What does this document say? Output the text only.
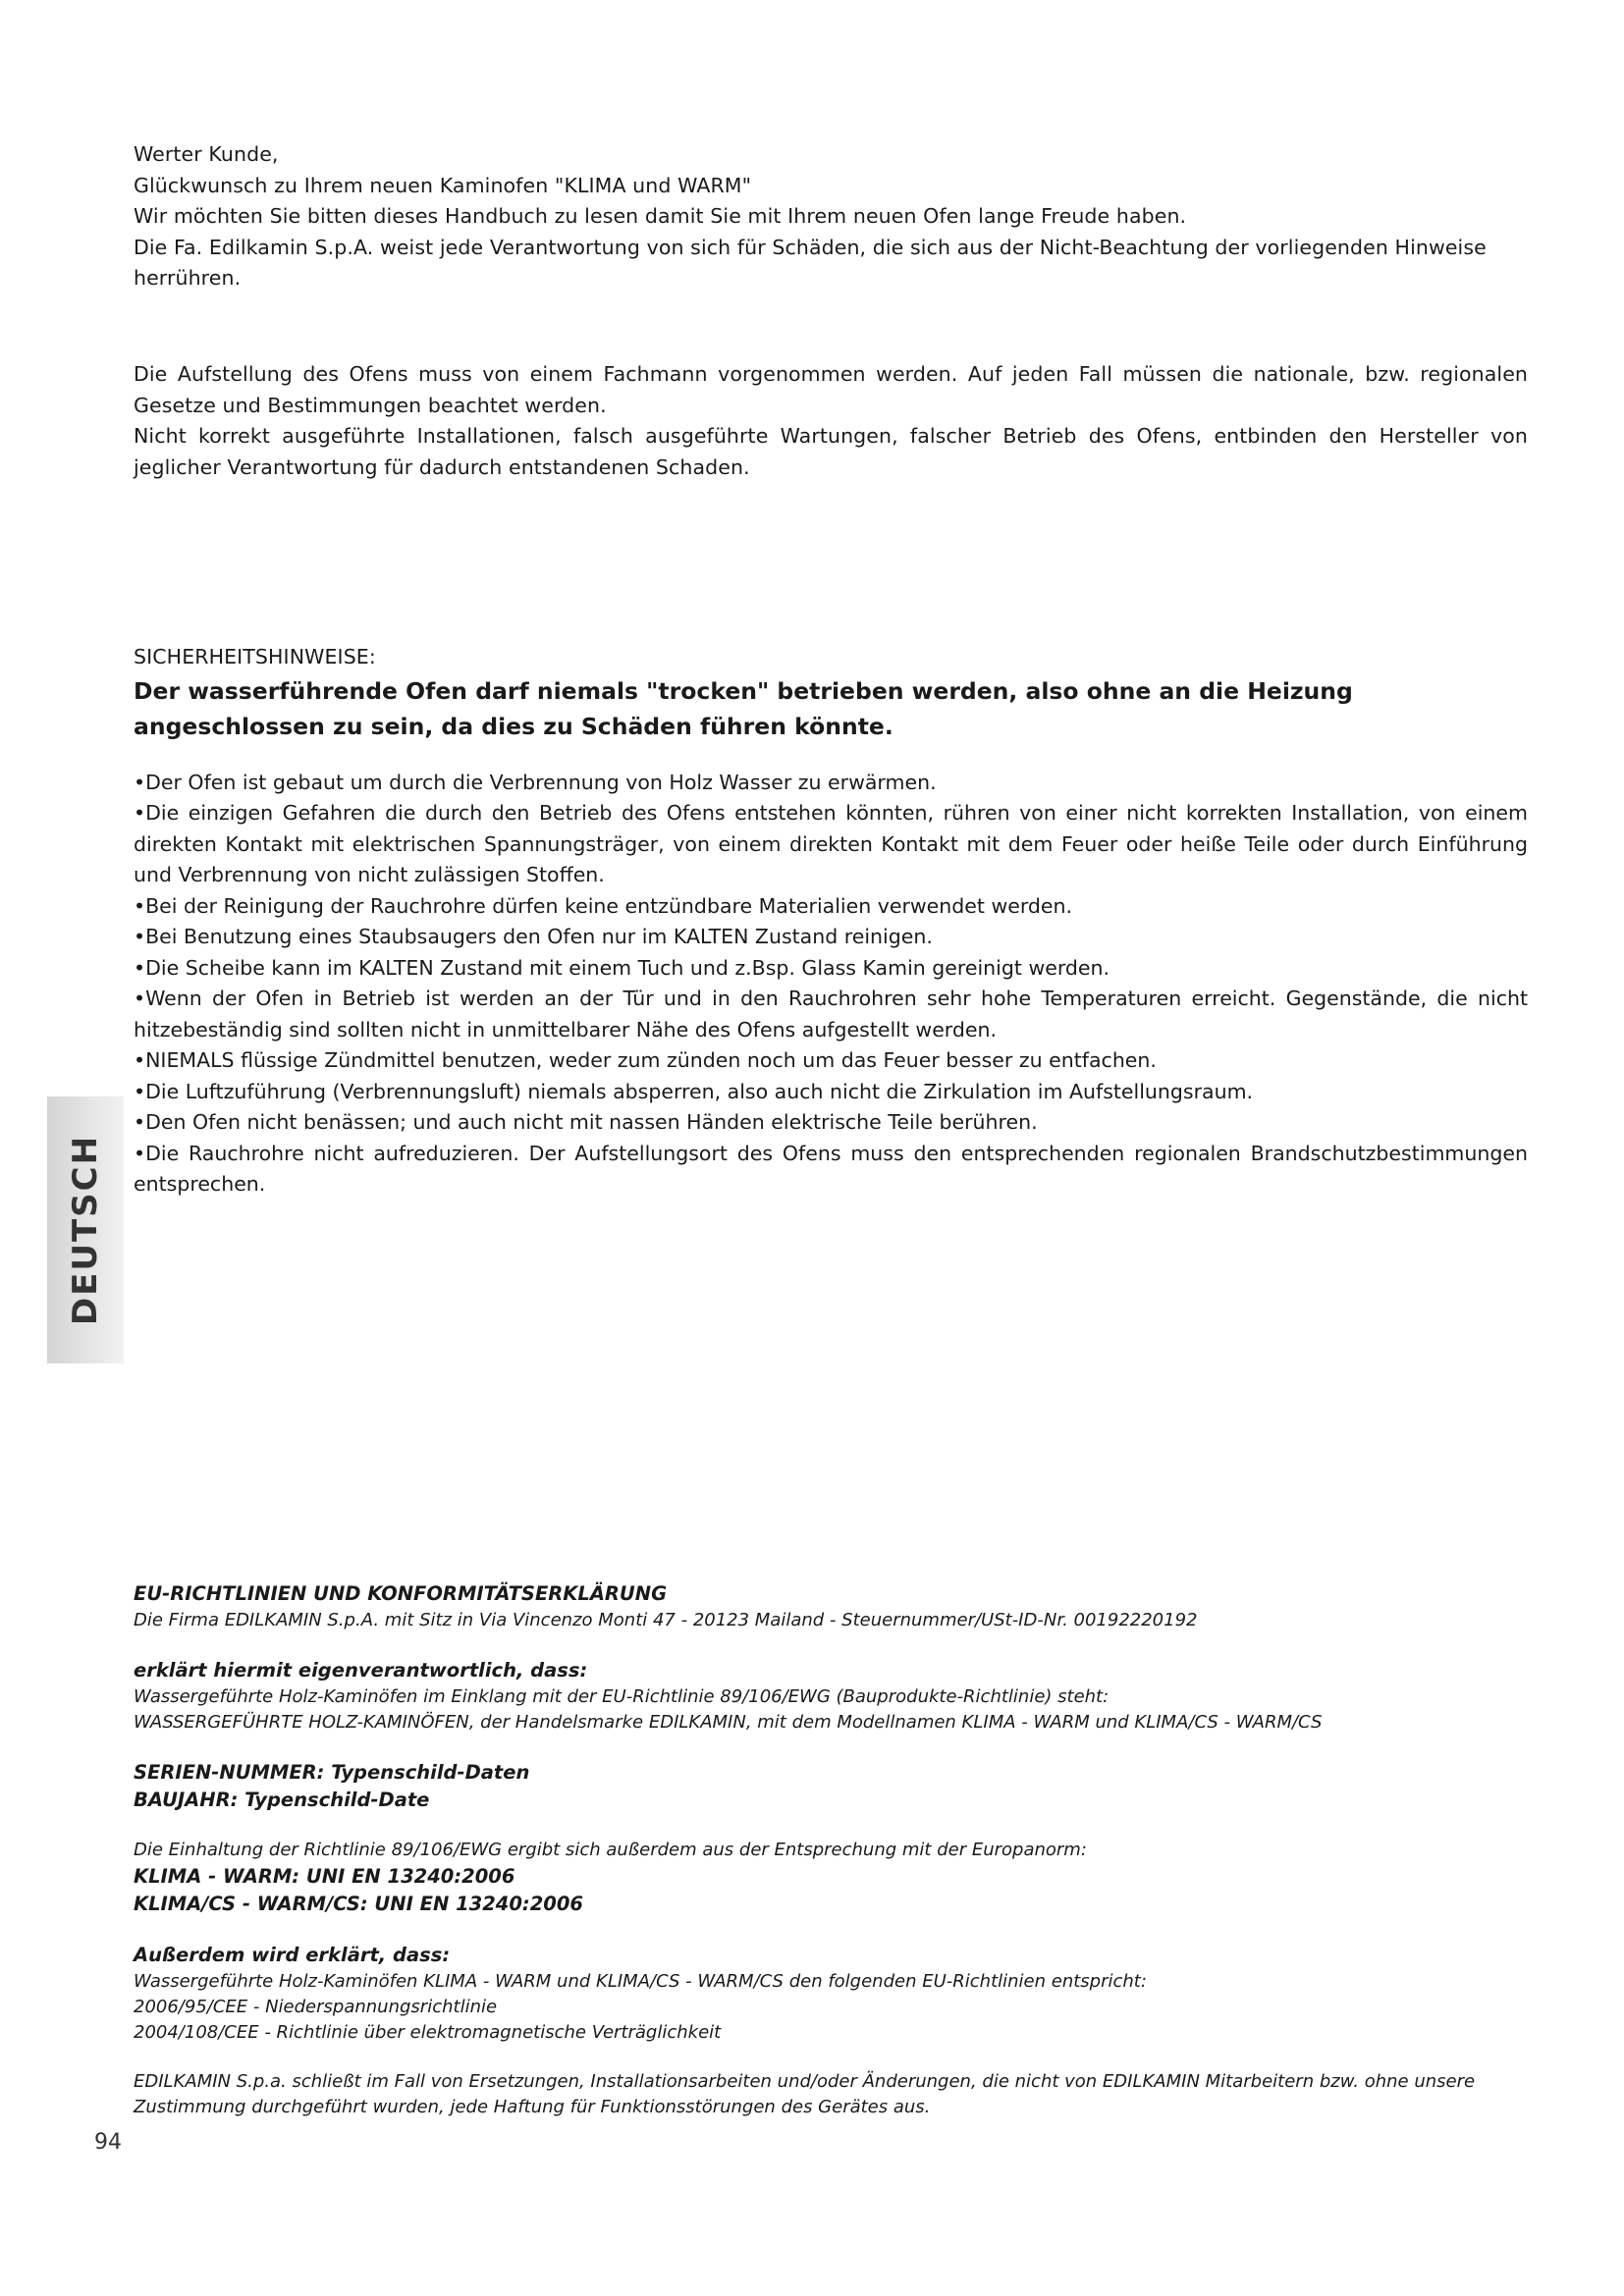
Werter Kunde,

Glückwunsch zu Ihrem neuen Kaminofen "KLIMA und WARM"

Wir möchten Sie bitten dieses Handbuch zu lesen damit Sie mit Ihrem neuen Ofen lange Freude haben.

Die Fa. Edilkamin S.p.A. weist jede Verantwortung von sich für Schäden, die sich aus der Nicht-Beachtung der vorliegenden Hinweise herrühren.

Die Aufstellung des Ofens muss von einem Fachmann vorgenommen werden. Auf jeden Fall müssen die nationale, bzw. regionalen Gesetze und Bestimmungen beachtet werden.

Nicht korrekt ausgeführte Installationen, falsch ausgeführte Wartungen, falscher Betrieb des Ofens, entbinden den Hersteller von jeglicher Verantwortung für dadurch entstandenen Schaden.

SICHERHEITSHINWEISE:

Der wasserführende Ofen darf niemals "trocken" betrieben werden, also ohne an die Heizung angeschlossen zu sein, da dies zu Schäden führen könnte.

•Der Ofen ist gebaut um durch die Verbrennung von Holz Wasser zu erwärmen.

•Die einzigen Gefahren die durch den Betrieb des Ofens entstehen könnten, rühren von einer nicht korrekten Installation, von einem direkten Kontakt mit elektrischen Spannungsträger, von einem direkten Kontakt mit dem Feuer oder heiße Teile oder durch Einführung und Verbrennung von nicht zulässigen Stoffen.

•Bei der Reinigung der Rauchrohre dürfen keine entzündbare Materialien verwendet werden.

•Bei Benutzung eines Staubsaugers den Ofen nur im KALTEN Zustand reinigen.

•Die Scheibe kann im KALTEN Zustand mit einem Tuch und z.Bsp. Glass Kamin gereinigt werden.

•Wenn der Ofen in Betrieb ist werden an der Tür und in den Rauchrohren sehr hohe Temperaturen erreicht. Gegenstände, die nicht hitzebeständig sind sollten nicht in unmittelbarer Nähe des Ofens aufgestellt werden.

•NIEMALS flüssige Zündmittel benutzen, weder zum zünden noch um das Feuer besser zu entfachen.

•Die Luftzuführung (Verbrennungsluft) niemals absperren, also auch nicht die Zirkulation im Aufstellungsraum.

•Den Ofen nicht benässen; und auch nicht mit nassen Händen elektrische Teile berühren.

•Die Rauchrohre nicht aufreduzieren. Der Aufstellungsort des Ofens muss den entsprechenden regionalen Brandschutzbestimmungen entsprechen.

DEUTSCH

EU-RICHTLINIEN UND KONFORMITÄTSERKLÄRUNG

Die Firma EDILKAMIN S.p.A. mit Sitz in Via Vincenzo Monti 47 - 20123 Mailand - Steuernummer/USt-ID-Nr. 00192220192

erklärt hiermit eigenverantwortlich, dass:

Wassergeführte Holz-Kaminöfen im Einklang mit der EU-Richtlinie 89/106/EWG (Bauprodukte-Richtlinie) steht:

WASSERGEFÜHRTE HOLZ-KAMINÖFEN, der Handelsmarke EDILKAMIN, mit dem Modellnamen KLIMA - WARM und KLIMA/CS - WARM/CS

SERIEN-NUMMER: Typenschild-Daten

BAUJAHR: Typenschild-Date

Die Einhaltung der Richtlinie 89/106/EWG ergibt sich außerdem aus der Entsprechung mit der Europanorm:

KLIMA - WARM: UNI EN 13240:2006

KLIMA/CS - WARM/CS: UNI EN 13240:2006

Außerdem wird erklärt, dass:

Wassergeführte Holz-Kaminöfen KLIMA - WARM und KLIMA/CS - WARM/CS den folgenden EU-Richtlinien entspricht:

2006/95/CEE - Niederspannungsrichtlinie

2004/108/CEE - Richtlinie über elektromagnetische Verträglichkeit

EDILKAMIN S.p.a. schließt im Fall von Ersetzungen, Installationsarbeiten und/oder Änderungen, die nicht von EDILKAMIN Mitarbeitern bzw. ohne unsere Zustimmung durchgeführt wurden, jede Haftung für Funktionsstörungen des Gerätes aus.

94
